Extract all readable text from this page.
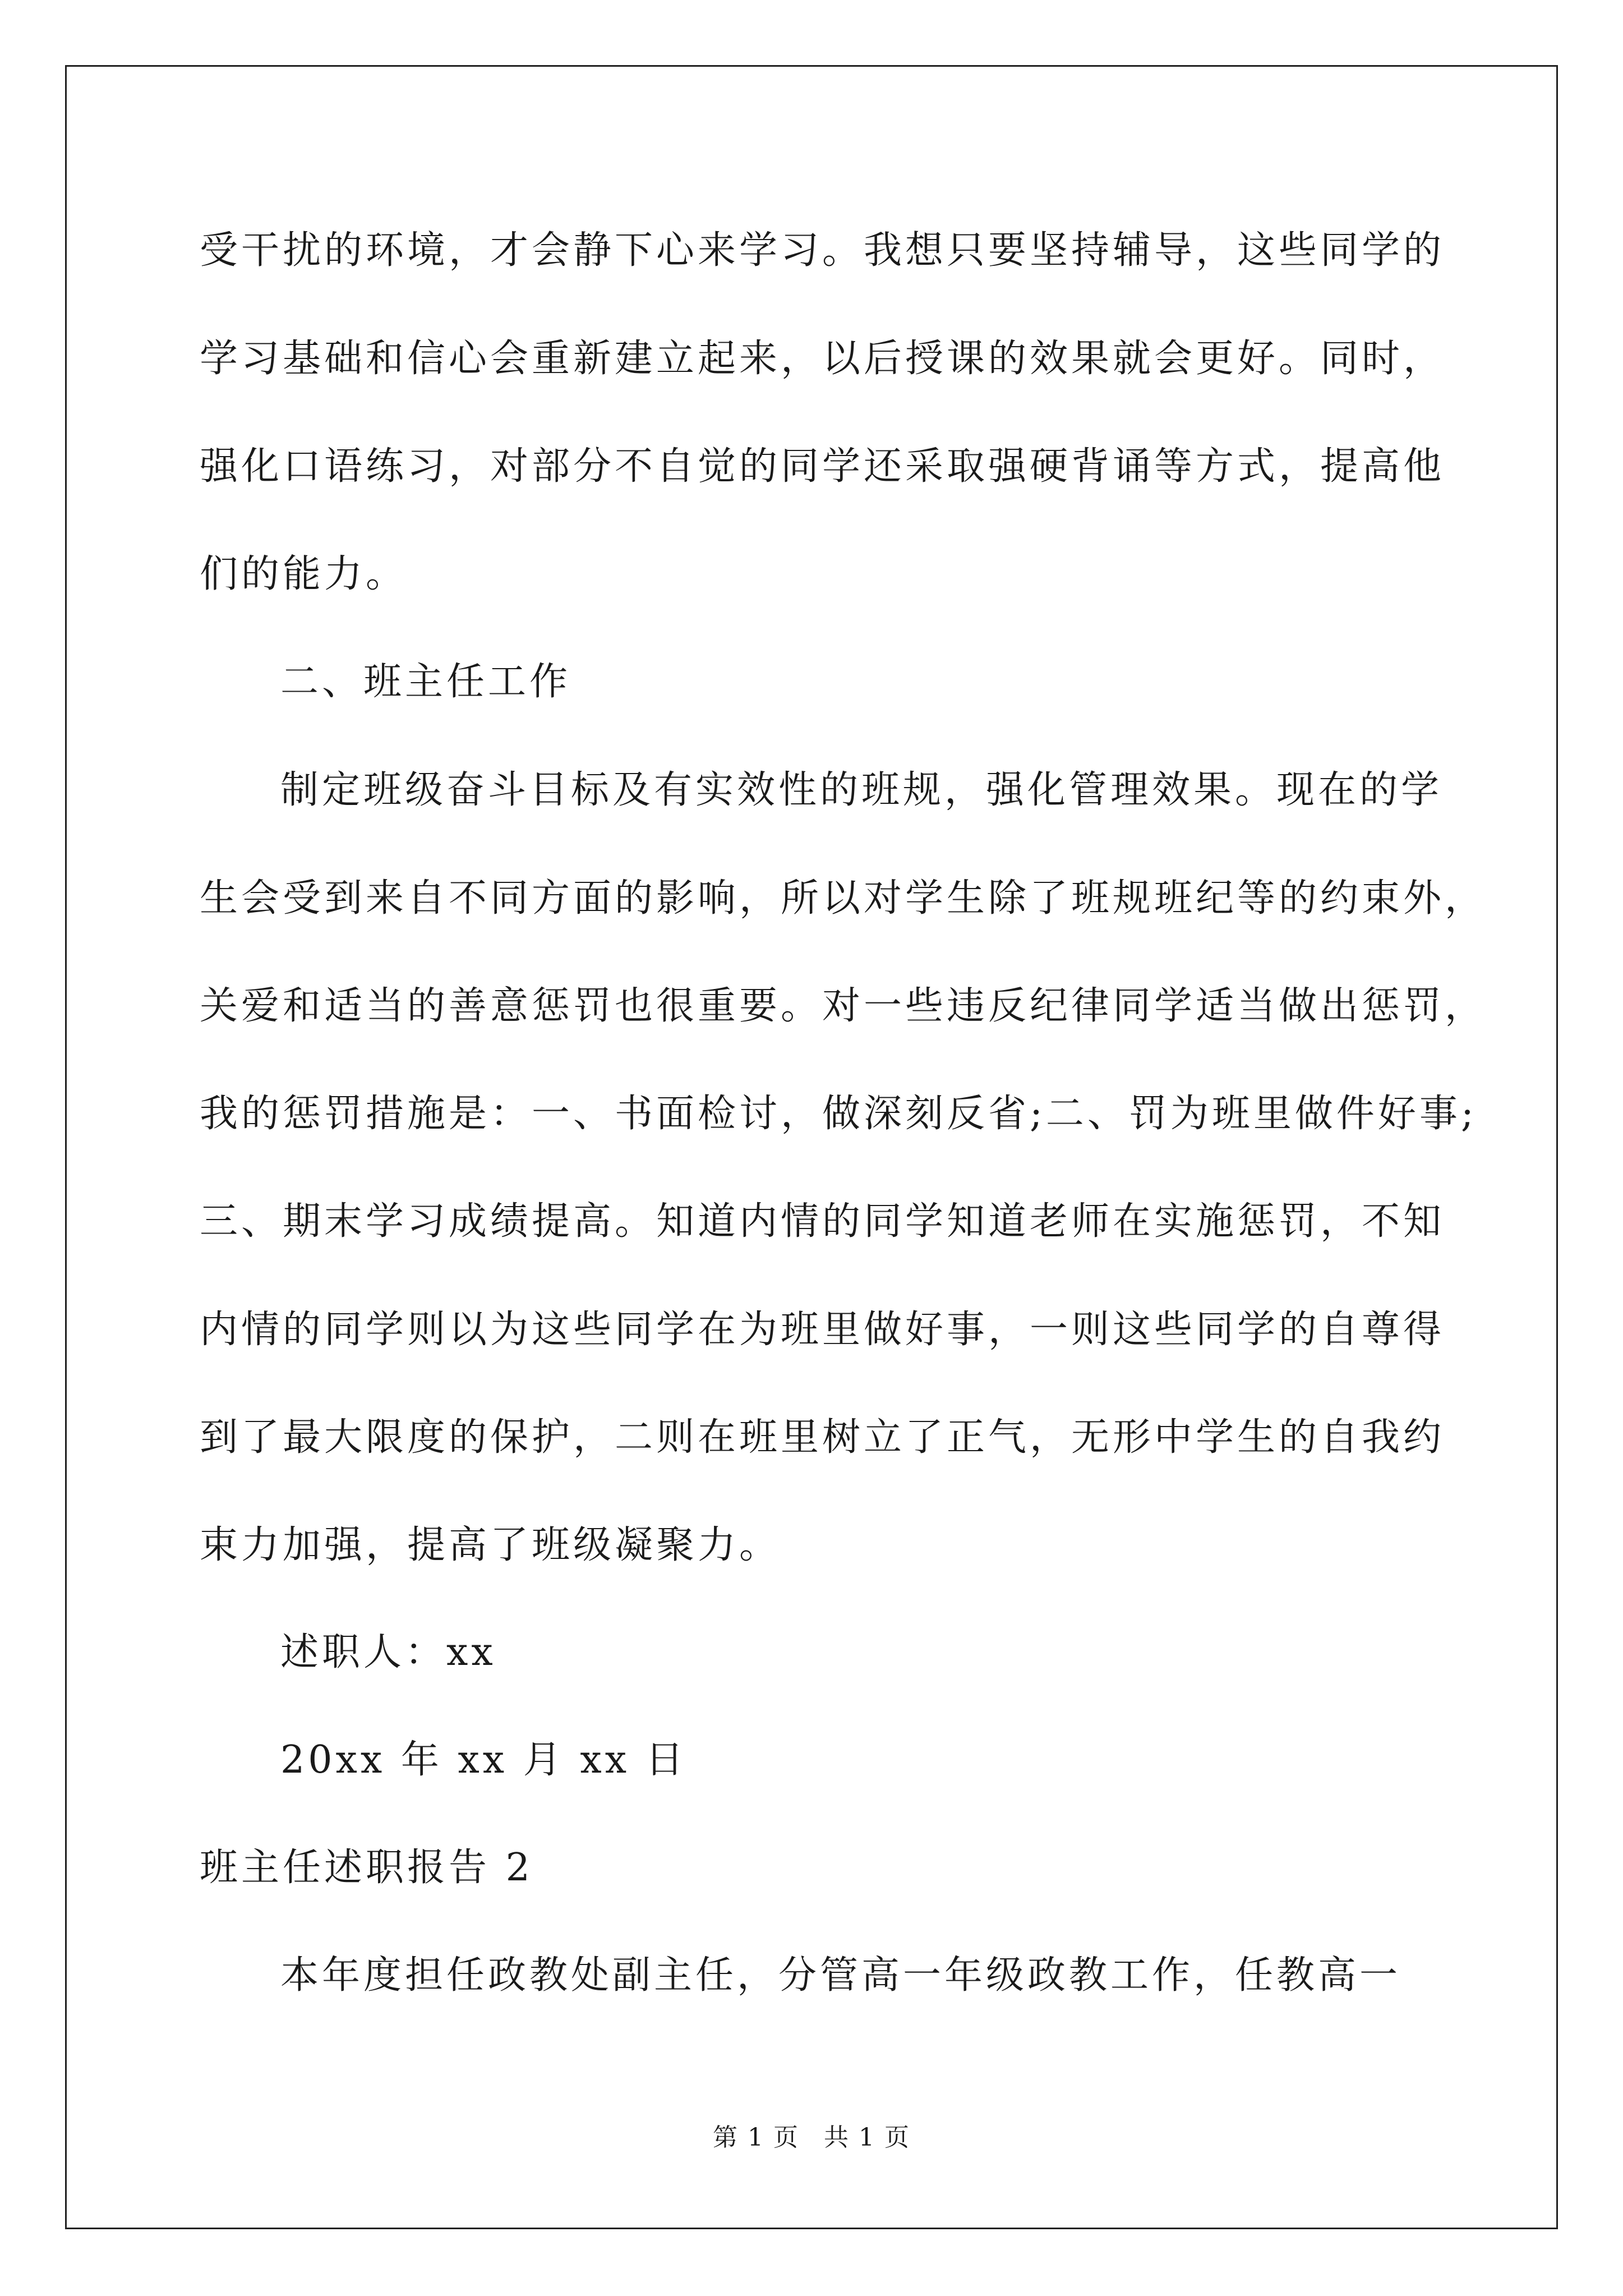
受干扰的环境，才会静下心来学习。我想只要坚持辅导，这些同学的
学习基础和信心会重新建立起来，以后授课的效果就会更好。同时，
强化口语练习，对部分不自觉的同学还采取强硬背诵等方式，提高他
们的能力。
二、班主任工作
制定班级奋斗目标及有实效性的班规，强化管理效果。现在的学
生会受到来自不同方面的影响，所以对学生除了班规班纪等的约束外，
关爱和适当的善意惩罚也很重要。对一些违反纪律同学适当做出惩罚，
我的惩罚措施是：一、书面检讨，做深刻反省;二、罚为班里做件好事;
三、期末学习成绩提高。知道内情的同学知道老师在实施惩罚，不知
内情的同学则以为这些同学在为班里做好事，一则这些同学的自尊得
到了最大限度的保护，二则在班里树立了正气，无形中学生的自我约
束力加强，提高了班级凝聚力。
述职人：xx
20xx 年 xx 月 xx 日
班主任述职报告 2
本年度担任政教处副主任，分管高一年级政教工作，任教高一
第 1 页 共 1 页
